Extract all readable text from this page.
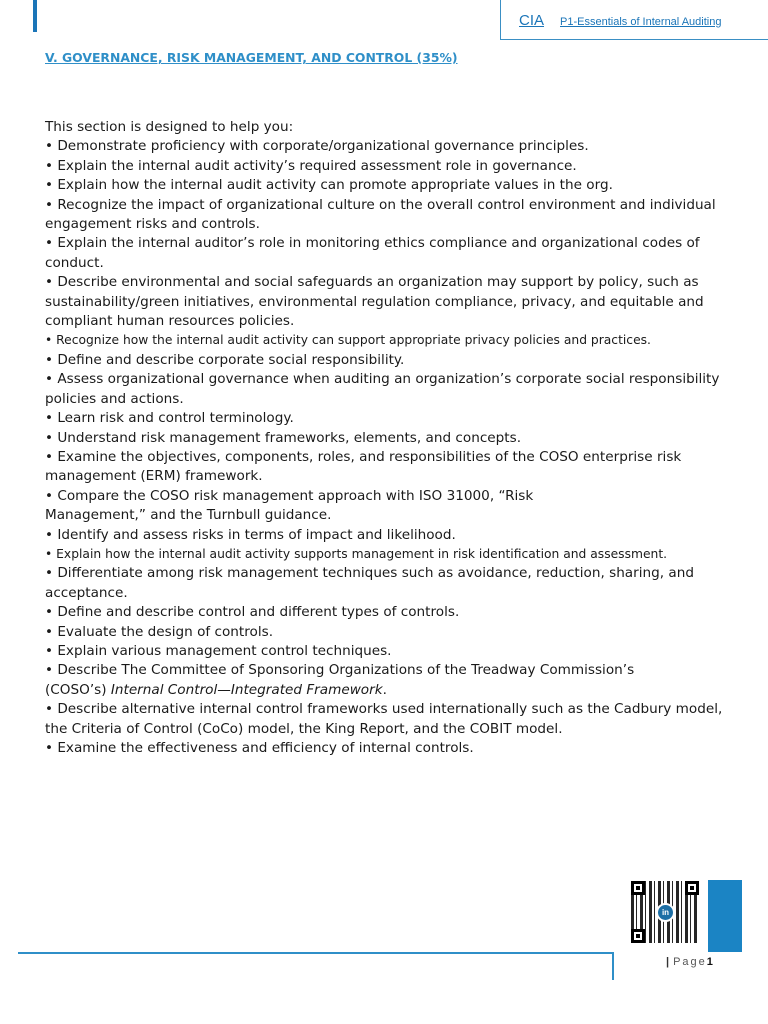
CIA P1-Essentials of Internal Auditing
V. GOVERNANCE, RISK MANAGEMENT, AND CONTROL (35%)

This section is designed to help you:

• Demonstrate proficiency with corporate/organizational governance principles.

• Explain the internal audit activity’s required assessment role in governance.

• Explain how the internal audit activity can promote appropriate values in the org.

• Recognize the impact of organizational culture on the overall control environment and individual engagement risks and controls.

• Explain the internal auditor’s role in monitoring ethics compliance and organizational codes of conduct.

• Describe environmental and social safeguards an organization may support by policy, such as sustainability/green initiatives, environmental regulation compliance, privacy, and equitable and compliant human resources policies.

• Recognize how the internal audit activity can support appropriate privacy policies and practices.

• Define and describe corporate social responsibility.

• Assess organizational governance when auditing an organization’s corporate social responsibility policies and actions.

• Learn risk and control terminology.

• Understand risk management frameworks, elements, and concepts.

• Examine the objectives, components, roles, and responsibilities of the COSO enterprise risk management (ERM) framework.

• Compare the COSO risk management approach with ISO 31000, “Risk

Management,” and the Turnbull guidance.

• Identify and assess risks in terms of impact and likelihood.

• Explain how the internal audit activity supports management in risk identification and assessment.

• Differentiate among risk management techniques such as avoidance, reduction, sharing, and acceptance.

• Define and describe control and different types of controls.

• Evaluate the design of controls.

• Explain various management control techniques.

• Describe The Committee of Sponsoring Organizations of the Treadway Commission’s

(COSO’s) Internal Control—Integrated Framework.

• Describe alternative internal control frameworks used internationally such as the Cadbury model, the Criteria of Control (CoCo) model, the King Report, and the COBIT model.

• Examine the effectiveness and efficiency of internal controls.

in
| Page1
